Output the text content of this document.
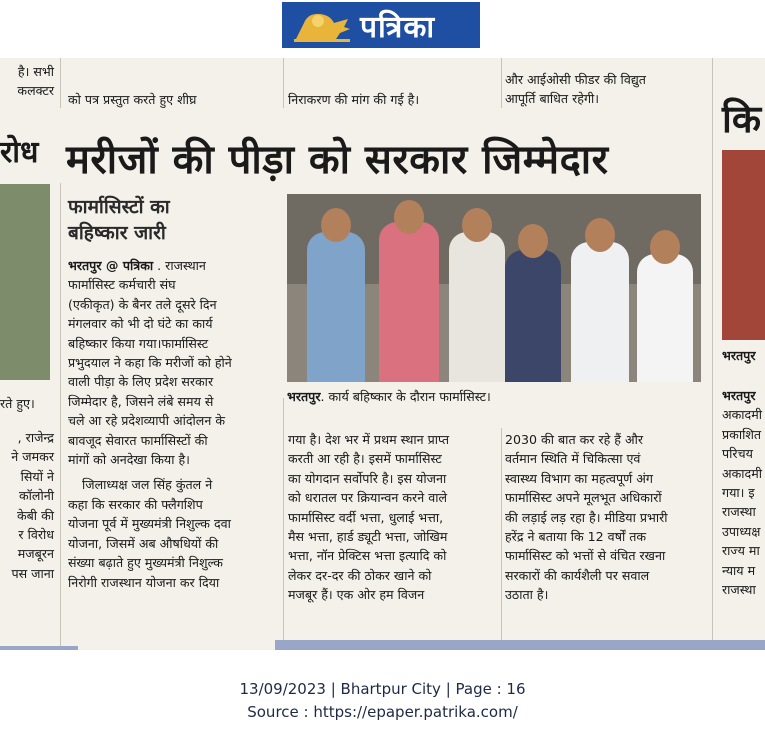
पत्रिका

है। सभी

कलक्टर

को पत्र प्रस्तुत करते हुए शीघ्र	निराकरण की मांग की गई है।

और आईओसी फीडर की विद्युत

आपूर्ति बाधित रहेगी।

रोध
रते हुए।

, राजेन्द्र

ने जमकर

सियों ने

कॉलोनी

केबी की

र विरोध

मजबूरन

पस जाना

मरीजों की पीड़ा को सरकार जिम्मेदार
फार्मासिस्टों का
बहिष्कार जारी

भरतपुर @ पत्रिका . राजस्थान

फार्मासिस्ट कर्मचारी संघ

(एकीकृत) के बैनर तले दूसरे दिन

मंगलवार को भी दो घंटे का कार्य

बहिष्कार किया गया।फार्मासिस्ट

प्रभुदयाल ने कहा कि मरीजों को होने

वाली पीड़ा के लिए प्रदेश सरकार

जिम्मेदार है, जिसने लंबे समय से

चले आ रहे प्रदेशव्यापी आंदोलन के

बावजूद सेवारत फार्मासिस्टों की

मांगों को अनदेखा किया है।

जिलाध्यक्ष जल सिंह कुंतल ने

कहा कि सरकार की फ्लैगशिप

योजना पूर्व में मुख्यमंत्री निशुल्क दवा

योजना, जिसमें अब औषधियों की

संख्या बढ़ाते हुए मुख्यमंत्री निशुल्क

निरोगी राजस्थान योजना कर दिया

भरतपुर. कार्य बहिष्कार के दौरान फार्मासिस्ट।

गया है। देश भर में प्रथम स्थान प्राप्त

करती आ रही है। इसमें फार्मासिस्ट

का योगदान सर्वोपरि है। इस योजना

को धरातल पर क्रियान्वन करने वाले

फार्मासिस्ट वर्दी भत्ता, धुलाई भत्ता,

मैस भत्ता, हार्ड ड्यूटी भत्ता, जोखिम

भत्ता, नॉन प्रेक्टिस भत्ता इत्यादि को

लेकर दर-दर की ठोकर खाने को

मजबूर हैं। एक ओर हम विजन

2030 की बात कर रहे हैं और

वर्तमान स्थिति में चिकित्सा एवं

स्वास्थ्य विभाग का महत्वपूर्ण अंग

फार्मासिस्ट अपने मूलभूत अधिकारों

की लड़ाई लड़ रहा है। मीडिया प्रभारी

हरेंद्र ने बताया कि 12 वर्षों तक

फार्मासिस्ट को भत्तों से वंचित रखना

सरकारों की कार्यशैली पर सवाल

उठाता है।

कि
भरतपुर

भरतपुर

अकादमी

प्रकाशित

परिचय

अकादमी

गया। इ

राजस्था

उपाध्यक्ष

राज्य मा

न्याय म

राजस्था

13/09/2023 | Bhartpur City | Page : 16
Source : https://epaper.patrika.com/
